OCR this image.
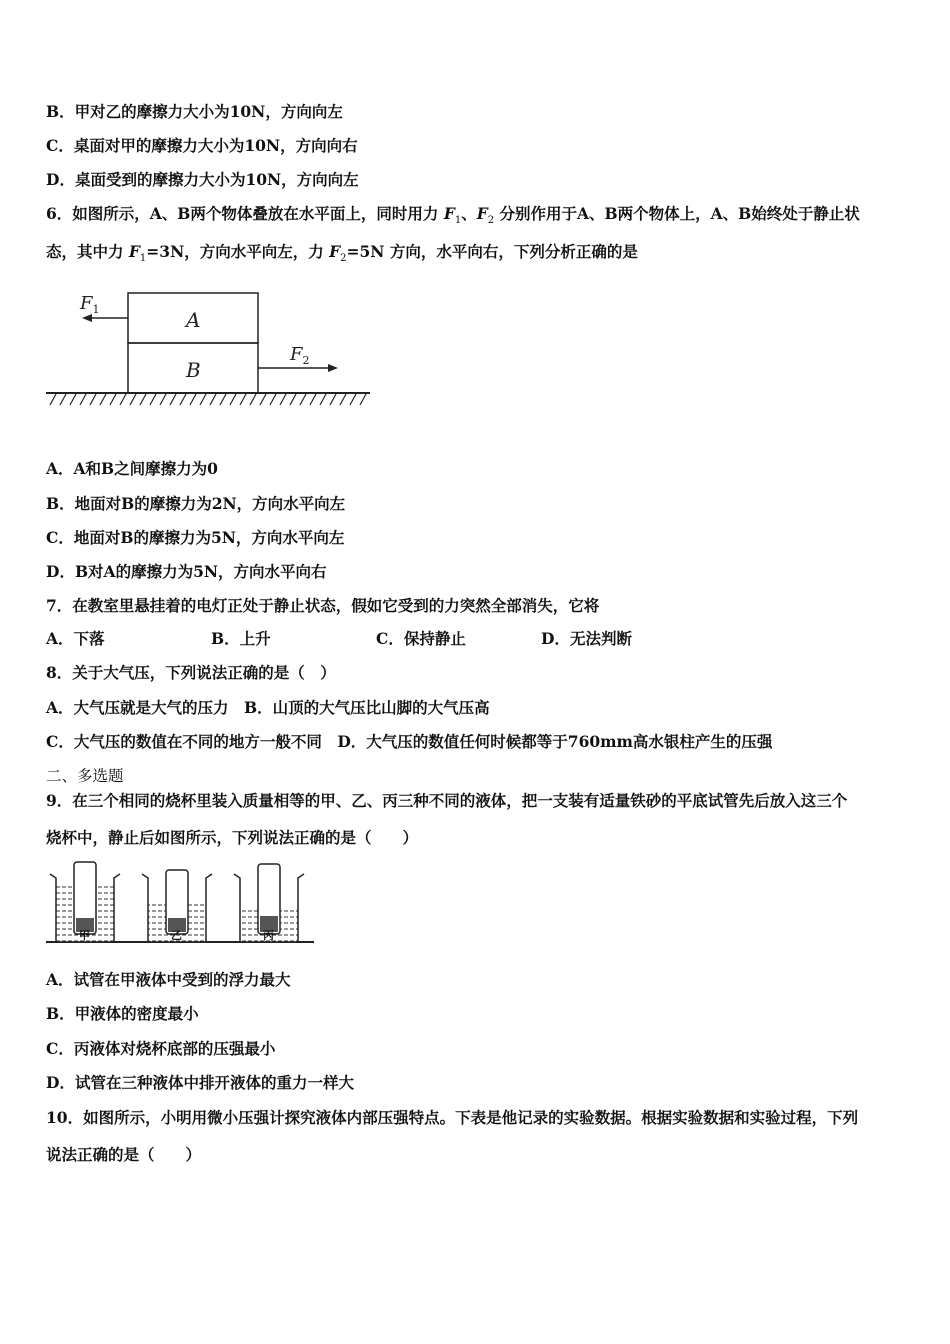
B．甲对乙的摩擦力大小为10N，方向向左
C．桌面对甲的摩擦力大小为10N，方向向右
D．桌面受到的摩擦力大小为10N，方向向左
6．如图所示，A、B两个物体叠放在水平面上，同时用力 $F_1$、$F_2$ 分别作用于A、B两个物体上，A、B始终处于静止状
态，其中力 $F_1=3N$，方向水平向左，力 $F_2=5N$ 方向，水平向右，下列分析正确的是
A
B
$F_1$
$F_2$
A．A和B之间摩擦力为0
B．地面对B的摩擦力为2N，方向水平向左
C．地面对B的摩擦力为5N，方向水平向左
D．B对A的摩擦力为5N，方向水平向右
7．在教室里悬挂着的电灯正处于静止状态，假如它受到的力突然全部消失，它将
A．下落	B．上升	C．保持静止	D．无法判断
8．关于大气压，下列说法正确的是（　）
A．大气压就是大气的压力　B．山顶的大气压比山脚的大气压高
C．大气压的数值在不同的地方一般不同　D．大气压的数值任何时候都等于760mm高水银柱产生的压强
二、多选题
9．在三个相同的烧杯里装入质量相等的甲、乙、丙三种不同的液体，把一支装有适量铁砂的平底试管先后放入这三个
烧杯中，静止后如图所示，下列说法正确的是（　　）
甲	乙	丙
A．试管在甲液体中受到的浮力最大
B．甲液体的密度最小
C．丙液体对烧杯底部的压强最小
D．试管在三种液体中排开液体的重力一样大
10．如图所示，小明用微小压强计探究液体内部压强特点。下表是他记录的实验数据。根据实验数据和实验过程，下列
说法正确的是（　　）
